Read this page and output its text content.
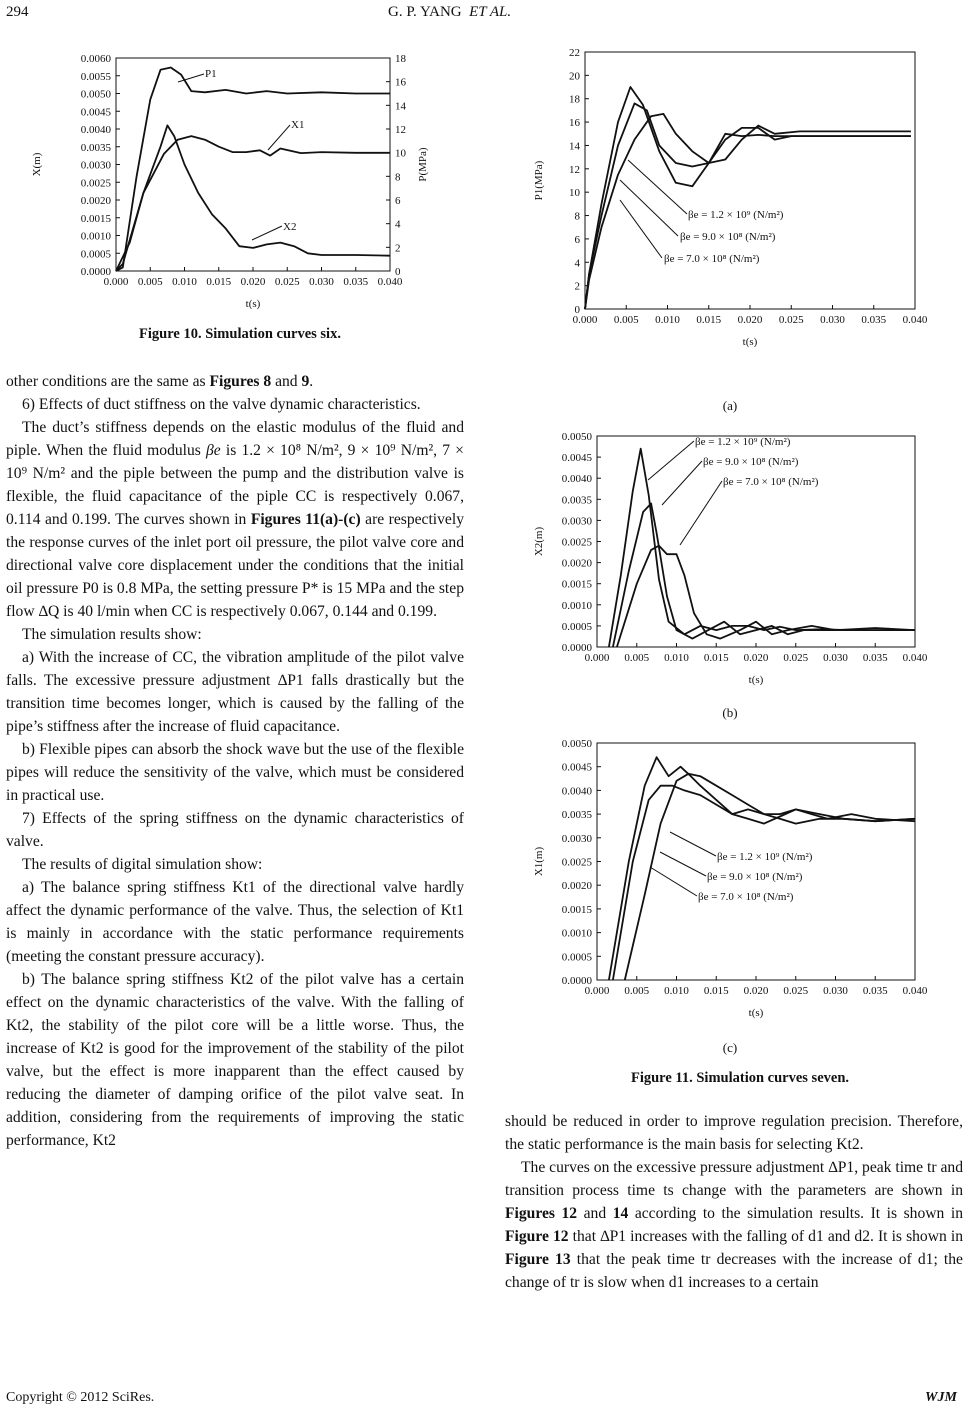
294	G. P. YANG ET AL.
0.000 0.005 0.010 0.015 0.020 0.025 0.030 0.035 0.040
0.0000
0.0005
0.0010
0.0015
0.0020
0.0025
0.0030
0.0035
0.0040
0.0045
0.0050
0.0055
0.0060
0
2
4
6
8
10
12
14
16
18
P(MPa)
t(s)
X(m)
P1
X1
X2
Figure 10. Simulation curves six.
0.000 0.005 0.010 0.015 0.020 0.025 0.030 0.035 0.040
0
2
4
6
8
10
12
14
16
18
20
22
t(s)
P1(MPa)
βe = 1.2 × 10⁹ (N/m²)
βe = 9.0 × 10⁸ (N/m²)
βe = 7.0 × 10⁸ (N/m²)
(a)
0.000 0.005 0.010 0.015 0.020 0.025 0.030 0.035 0.040
0.0000
0.0005
0.0010
0.0015
0.0020
0.0025
0.0030
0.0035
0.0040
0.0045
0.0050
t(s)
X2(m)
βe = 1.2 × 10⁹ (N/m²)
βe = 9.0 × 10⁸ (N/m²)
βe = 7.0 × 10⁸ (N/m²)
(b)
0.000 0.005 0.010 0.015 0.020 0.025 0.030 0.035 0.040
0.0000
0.0005
0.0010
0.0015
0.0020
0.0025
0.0030
0.0035
0.0040
0.0045
0.0050
t(s)
X1(m)	βe = 1.2 × 10⁹ (N/m²)
βe = 9.0 × 10⁸ (N/m²)
βe = 7.0 × 10⁸ (N/m²)
(c)
Figure 11. Simulation curves seven.

other conditions are the same as Figures 8 and 9.

6) Effects of duct stiffness on the valve dynamic characteristics.

The duct’s stiffness depends on the elastic modulus of the fluid and piple. When the fluid modulus βe is 1.2 × 10⁸ N/m², 9 × 10⁹ N/m², 7 × 10⁹ N/m² and the piple between the pump and the distribution valve is flexible, the fluid capacitance of the piple CC is respectively 0.067, 0.114 and 0.199. The curves shown in Figures 11(a)-(c) are respectively the response curves of the inlet port oil pressure, the pilot valve core and directional valve core displacement under the conditions that the initial oil pressure P0 is 0.8 MPa, the setting pressure P* is 15 MPa and the step flow ∆Q is 40 l/min when CC is respectively 0.067, 0.144 and 0.199.

The simulation results show:

a) With the increase of CC, the vibration amplitude of the pilot valve falls. The excessive pressure adjustment ∆P1 falls drastically but the transition time becomes longer, which is caused by the falling of the pipe’s stiffness after the increase of fluid capacitance.

b) Flexible pipes can absorb the shock wave but the use of the flexible pipes will reduce the sensitivity of the valve, which must be considered in practical use.

7) Effects of the spring stiffness on the dynamic characteristics of valve.

The results of digital simulation show:

a) The balance spring stiffness Kt1 of the directional valve hardly affect the dynamic performance of the valve. Thus, the selection of Kt1 is mainly in accordance with the static performance requirements (meeting the constant pressure accuracy).

b) The balance spring stiffness Kt2 of the pilot valve has a certain effect on the dynamic characteristics of the valve. With the falling of Kt2, the stability of the pilot core will be a little worse. Thus, the increase of Kt2 is good for the improvement of the stability of the pilot valve, but the effect is more inapparent than the effect caused by reducing the diameter of damping orifice of the pilot valve seat. In addition, considering from the requirements of improving the static performance, Kt2

should be reduced in order to improve regulation precision. Therefore, the static performance is the main basis for selecting Kt2.

The curves on the excessive pressure adjustment ∆P1, peak time tr and transition process time ts change with the parameters are shown in Figures 12 and 14 according to the simulation results. It is shown in Figure 12 that ∆P1 increases with the falling of d1 and d2. It is shown in Figure 13 that the peak time tr decreases with the increase of d1; the change of tr is slow when d1 increases to a certain

Copyright © 2012 SciRes.	WJM
